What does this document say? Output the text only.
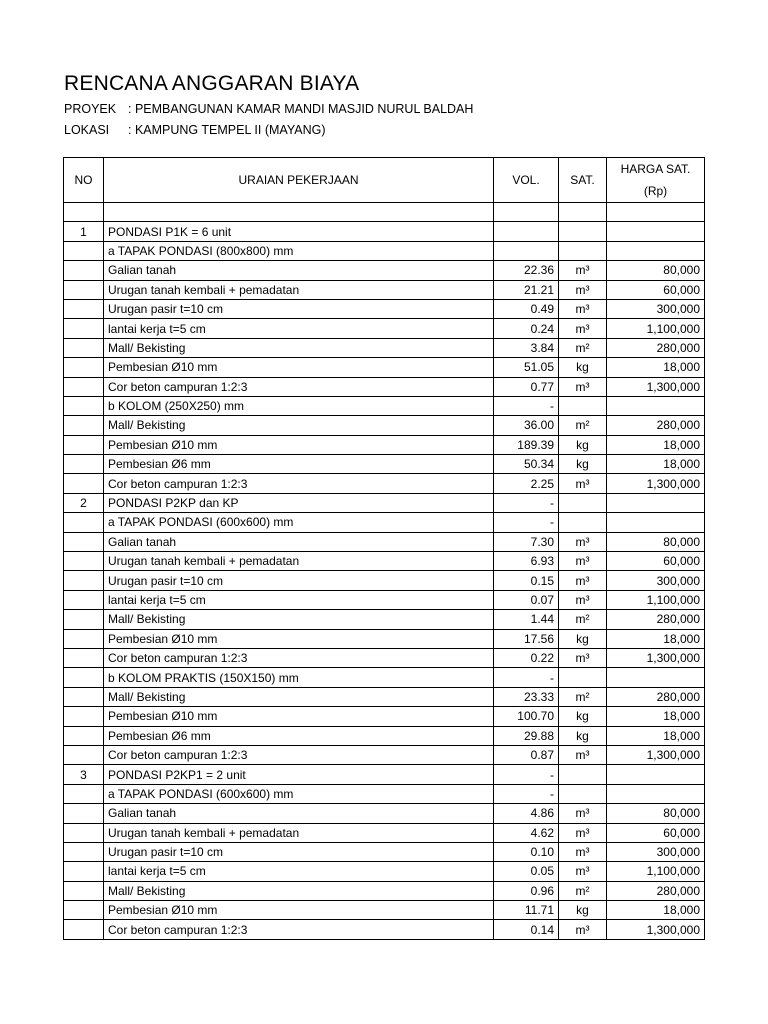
RENCANA ANGGARAN BIAYA
PROYEK : PEMBANGUNAN KAMAR MANDI MASJID NURUL BALDAH
LOKASI : KAMPUNG TEMPEL II (MAYANG)
NO	URAIAN PEKERJAAN	VOL.	SAT.	HARGA SAT.
(Rp)

1	PONDASI P1K = 6 unit			
	a TAPAK PONDASI (800x800) mm			
	Galian tanah	22.36	m³	80,000
	Urugan tanah kembali + pemadatan	21.21	m³	60,000
	Urugan pasir t=10 cm	0.49	m³	300,000
	lantai kerja t=5 cm	0.24	m³	1,100,000
	Mall/ Bekisting	3.84	m²	280,000
	Pembesian Ø10 mm	51.05	kg	18,000
	Cor beton campuran 1:2:3	0.77	m³	1,300,000
	b KOLOM (250X250) mm	-		
	Mall/ Bekisting	36.00	m²	280,000
	Pembesian Ø10 mm	189.39	kg	18,000
	Pembesian Ø6 mm	50.34	kg	18,000
	Cor beton campuran 1:2:3	2.25	m³	1,300,000
2	PONDASI P2KP dan KP	-		
	a TAPAK PONDASI (600x600) mm	-		
	Galian tanah	7.30	m³	80,000
	Urugan tanah kembali + pemadatan	6.93	m³	60,000
	Urugan pasir t=10 cm	0.15	m³	300,000
	lantai kerja t=5 cm	0.07	m³	1,100,000
	Mall/ Bekisting	1.44	m²	280,000
	Pembesian Ø10 mm	17.56	kg	18,000
	Cor beton campuran 1:2:3	0.22	m³	1,300,000
	b KOLOM PRAKTIS (150X150) mm	-		
	Mall/ Bekisting	23.33	m²	280,000
	Pembesian Ø10 mm	100.70	kg	18,000
	Pembesian Ø6 mm	29.88	kg	18,000
	Cor beton campuran 1:2:3	0.87	m³	1,300,000
3	PONDASI P2KP1 = 2 unit	-		
	a TAPAK PONDASI (600x600) mm	-		
	Galian tanah	4.86	m³	80,000
	Urugan tanah kembali + pemadatan	4.62	m³	60,000
	Urugan pasir t=10 cm	0.10	m³	300,000
	lantai kerja t=5 cm	0.05	m³	1,100,000
	Mall/ Bekisting	0.96	m²	280,000
	Pembesian Ø10 mm	11.71	kg	18,000
	Cor beton campuran 1:2:3	0.14	m³	1,300,000
